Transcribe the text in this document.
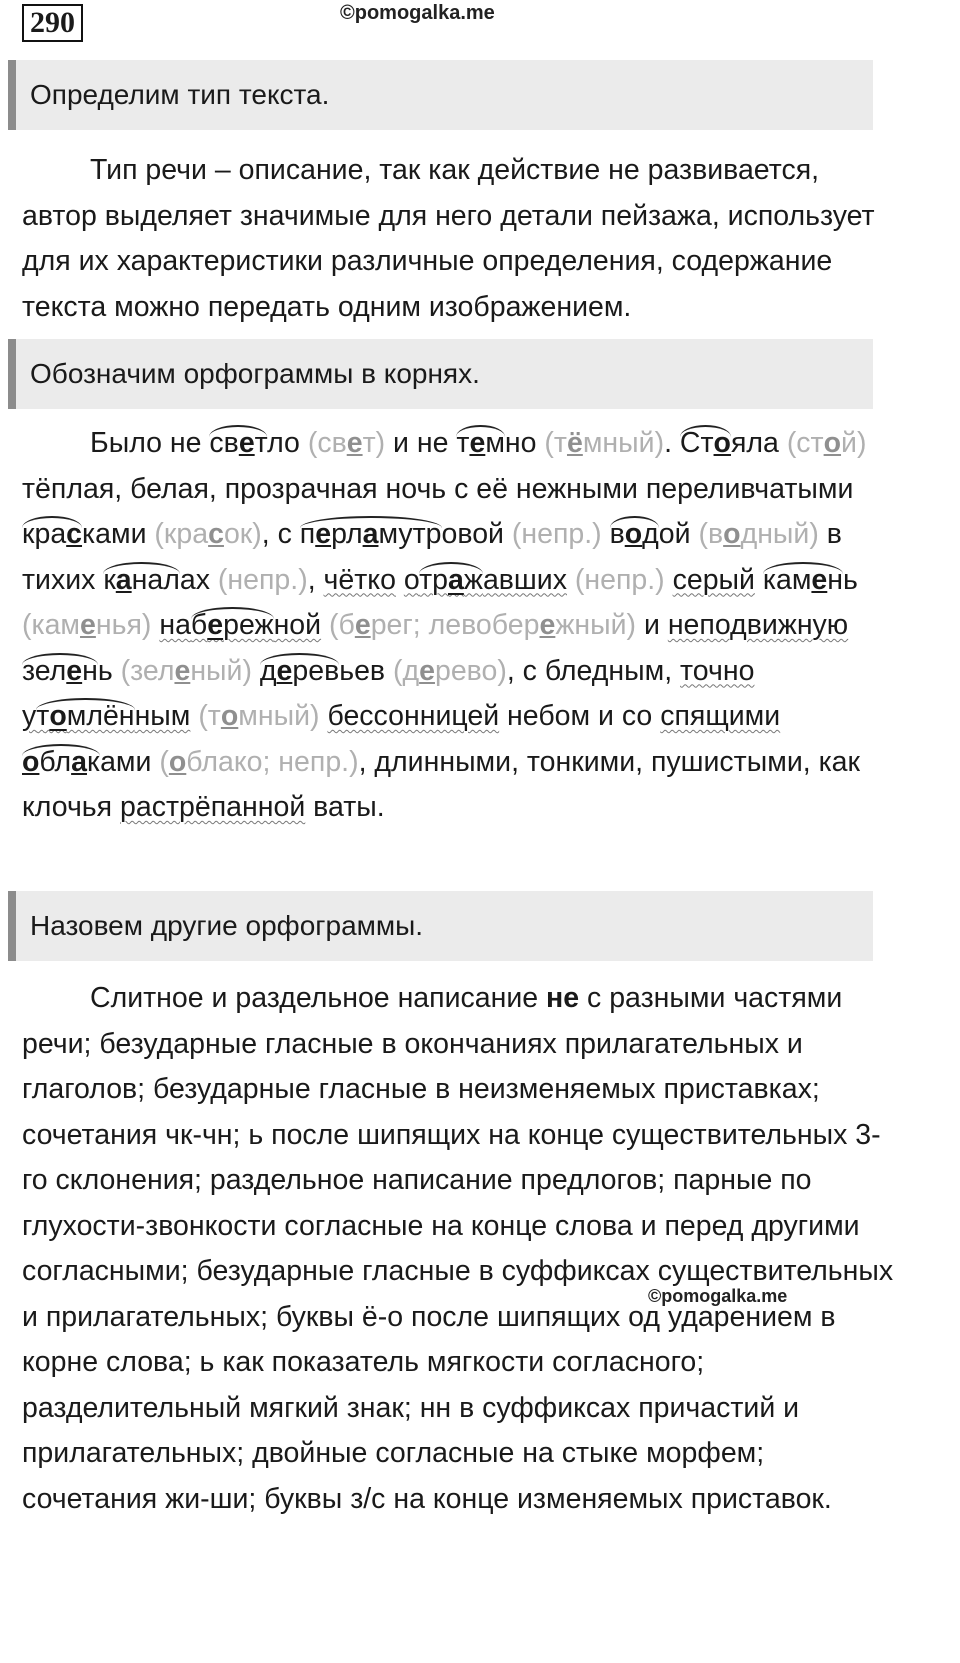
290	©pomogalka.me
Определим тип текста.

Тип речи – описание, так как действие не развивается, автор выделяет значимые для него детали пейзажа, использует для их характеристики различные определения, содержание текста можно передать одним изображением.

Обозначим орфограммы в корнях.

Было не светло (свет) и не темно (тёмный). Стояла (стой) тёплая, белая, прозрачная ночь с её нежными переливчатыми красками (красок), с перламутровой (непр.) водой (водный) в тихих каналах (непр.), чётко отражавших (непр.) серый камень (каменья) набережной (берег; левобережный) и неподвижную зелень (зеленый) деревьев (дерево), с бледным, точно утомлённым (томный) бессонницей небом и со спящими облаками (облако; непр.), длинными, тонкими, пушистыми, как клочья растрёпанной ваты.

Назовем другие орфограммы.

Слитное и раздельное написание не с разными частями речи; безударные гласные в окончаниях прилагательных и глаголов; безударные гласные в неизменяемых приставках; сочетания чк-чн; ь после шипящих на конце существительных 3-го склонения; раздельное написание предлогов; парные по глухости-звонкости согласные на конце слова и перед другими согласными; безударные гласные в суффиксах существительных и прилагательных; буквы ё-о после шипящих од ударением в корне слова; ь как показатель мягкости согласного; разделительный мягкий знак; нн в суффиксах причастий и прилагательных; двойные согласные на стыке морфем; сочетания жи-ши; буквы з/с на конце изменяемых приставок.

©pomogalka.me
